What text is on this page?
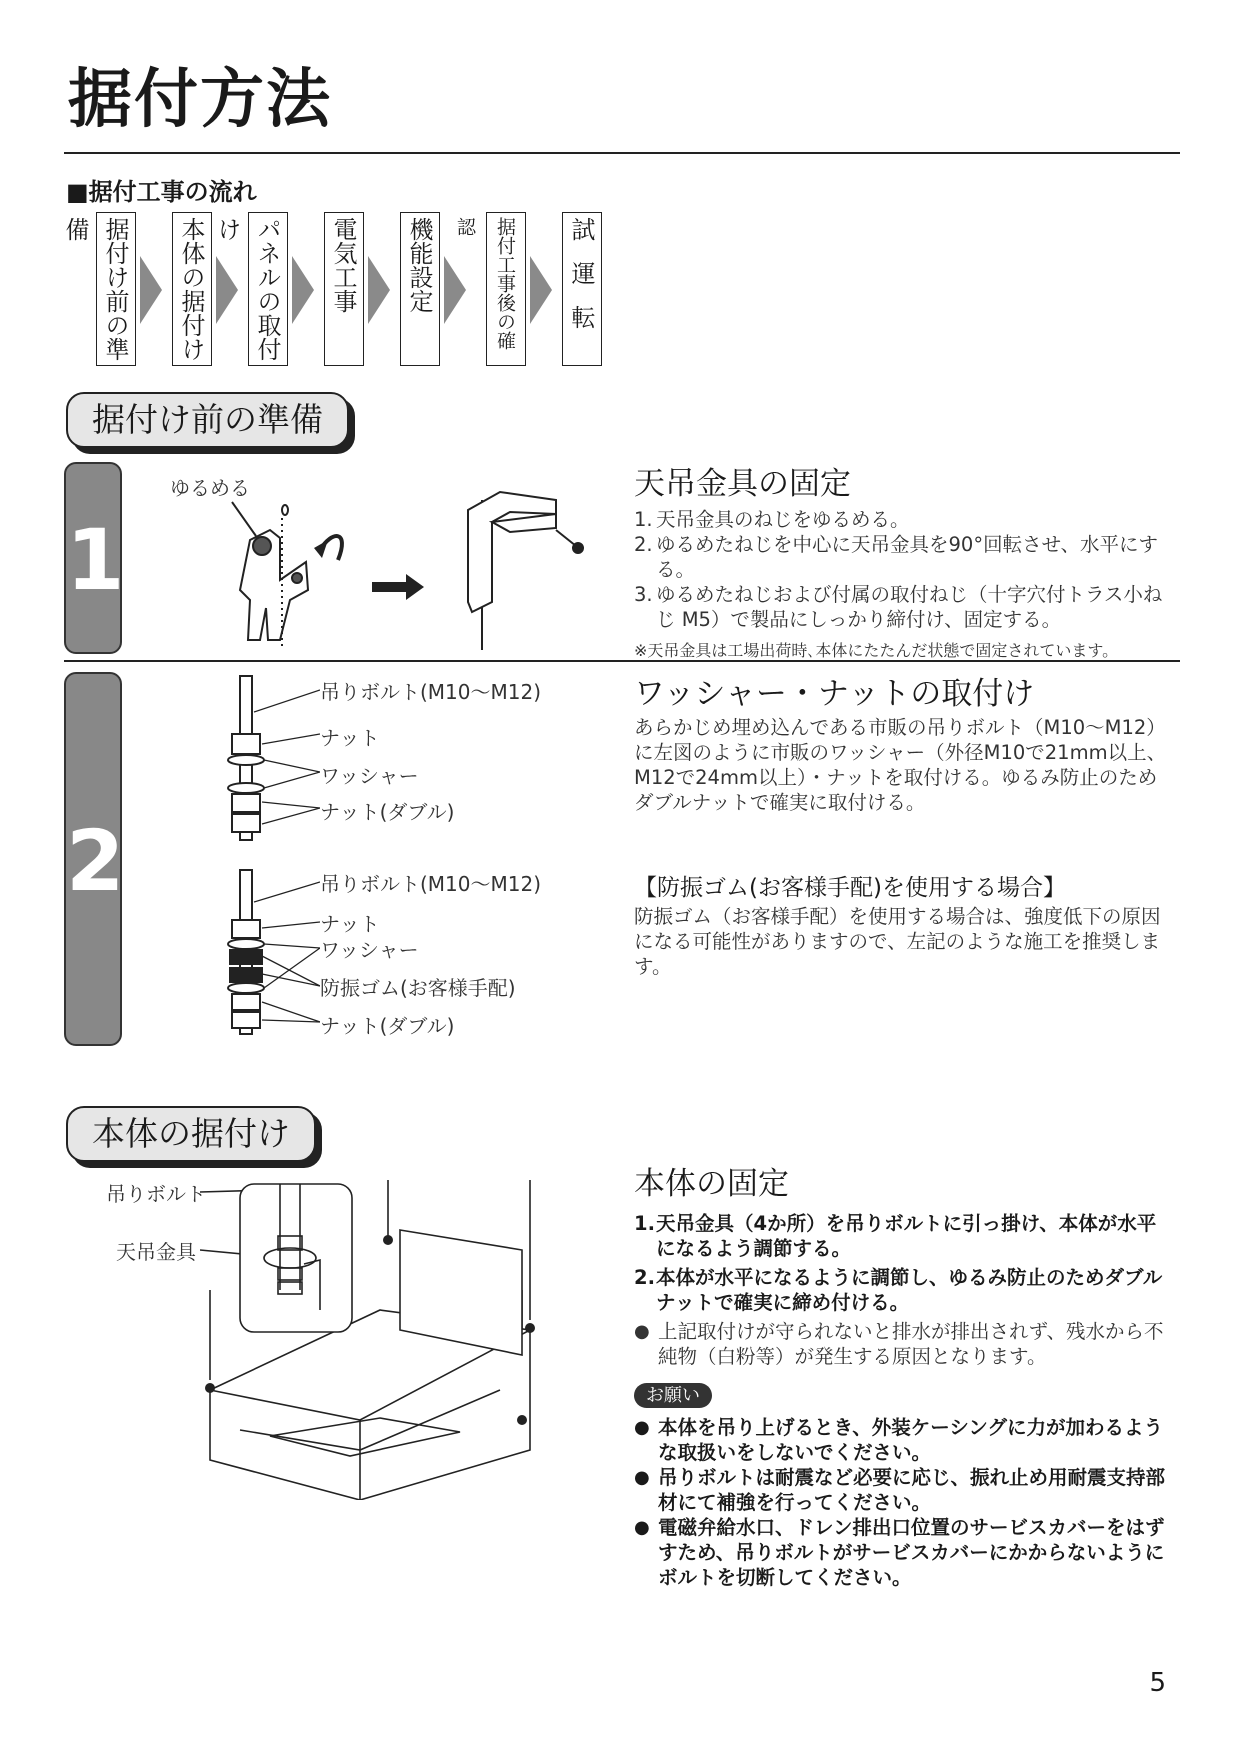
据付方法
■据付工事の流れ
据付け前の準備	本体の据付け パネルの取付け	電気工事 機能設定	据付工事後の確認	試運転
据付け前の準備
1
ゆるめる	天吊金具の固定
1. 天吊金具のねじをゆるめる。
2. ゆるめたねじを中心に天吊金具を90°回転させ、水平にする。
3. ゆるめたねじおよび付属の取付ねじ（十字穴付トラス小ねじ M5）で製品にしっかり締付け、固定する。
※天吊金具は工場出荷時､本体にたたんだ状態で固定されています。
2
吊りボルト(M10〜M12)
ナット
ワッシャー
ナット(ダブル)
吊りボルト(M10〜M12)
ナット
ワッシャー
防振ゴム(お客様手配)
ナット(ダブル)
ワッシャー・ナットの取付け
あらかじめ埋め込んである市販の吊りボルト（M10〜M12）に左図のように市販のワッシャー（外径M10で21mm以上、M12で24mm以上）・ナットを取付ける。ゆるみ防止のためダブルナットで確実に取付ける。
【防振ゴム(お客様手配)を使用する場合】
防振ゴム（お客様手配）を使用する場合は、強度低下の原因になる可能性がありますので、左記のような施工を推奨します。
本体の据付け
吊りボルト
天吊金具
本体の固定
1. 天吊金具（4か所）を吊りボルトに引っ掛け、本体が水平になるよう調節する。
2. 本体が水平になるように調節し、ゆるみ防止のためダブルナットで確実に締め付ける。
● 上記取付けが守られないと排水が排出されず、残水から不純物（白粉等）が発生する原因となります。
お願い
● 本体を吊り上げるとき、外装ケーシングに力が加わるような取扱いをしないでください。
● 吊りボルトは耐震など必要に応じ、振れ止め用耐震支持部材にて補強を行ってください。
● 電磁弁給水口、ドレン排出口位置のサービスカバーをはずすため、吊りボルトがサービスカバーにかからないようにボルトを切断してください。
5
